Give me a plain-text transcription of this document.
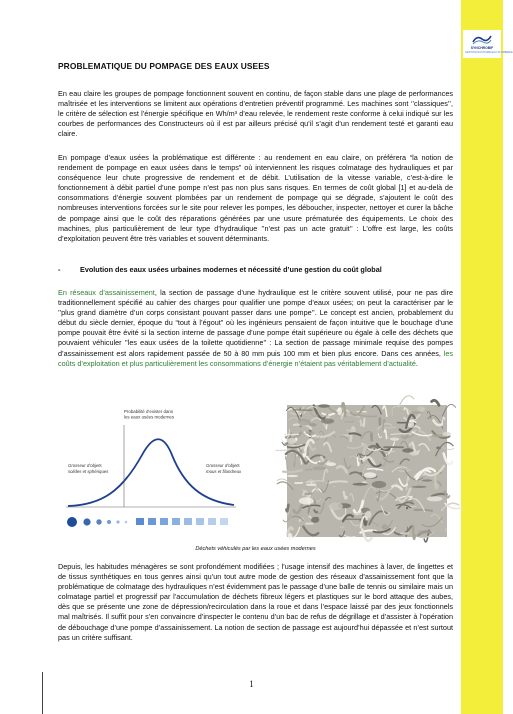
SYNCHROBIF
GESTION NAUTISME EAU PLOMBERIE
PROBLEMATIQUE DU POMPAGE DES EAUX USEES

En eau claire les groupes de pompage fonctionnent souvent en continu, de façon stable dans une plage de performances maîtrisée et les interventions se limitent aux opérations d’entretien préventif programmé. Les machines sont ‘’classiques’’, le critère de sélection est l’énergie spécifique en Wh/m³ d’eau relevée, le rendement reste conforme à celui indiqué sur les courbes de performances des Constructeurs où il est par ailleurs précisé qu’il s’agit d’un rendement testé et garanti eau claire.

En pompage d’eaux usées la problématique est différente : au rendement en eau claire, on préférera “la notion de rendement de pompage en eaux usées dans le temps” où interviennent les risques colmatage des hydrauliques et par conséquence leur chute progressive de rendement et de débit. L’utilisation de la vitesse variable, c’est-à-dire le fonctionnement à débit partiel d’une pompe n’est pas non plus sans risques. En termes de coût global [1] et au-delà de consommations d’énergie souvent plombées par un rendement de pompage qui se dégrade, s’ajoutent le coût des nombreuses interventions forcées sur le site pour relever les pompes, les déboucher, inspecter, nettoyer et curer la bâche de pompage ainsi que le coût des réparations générées par une usure prématurée des équipements. Le choix des machines, plus particulièrement de leur type d’hydraulique ’’n’est pas un acte gratuit’’ : L’offre est large, les coûts d’exploitation peuvent être très variables et souvent déterminants.

-	Evolution des eaux usées urbaines modernes et nécessité d’une gestion du coût global

En réseaux d’assainissement, la section de passage d’une hydraulique est le critère souvent utilisé, pour ne pas dire traditionnellement spécifié au cahier des charges pour qualifier une pompe d’eaux usées; on peut la caractériser par le ’’plus grand diamètre d’un corps consistant pouvant passer dans une pompe’’. Le concept est ancien, probablement du début du siècle dernier, époque du “tout à l’égout” où les ingénieurs pensaient de façon intuitive que le bouchage d’une pompe pouvait être évité si la section interne de passage d’une pompe était supérieure ou égale à celle des déchets que pouvaient véhiculer ’’les eaux usées de la toilette quotidienne’’ : La section de passage minimale requise des pompes d’assainissement est alors rapidement passée de 50 à 80 mm puis 100 mm et bien plus encore. Dans ces années, les coûts d’exploitation et plus particulièrement les consommations d’énergie n’étaient pas véritablement d’actualité.

Depuis, les habitudes ménagères se sont profondément modifiées ; l’usage intensif des machines à laver, de lingettes et de tissus synthétiques en tous genres ainsi qu’un tout autre mode de gestion des réseaux d’assainissement font que la problématique de colmatage des hydrauliques n’est évidemment pas le passage d’une balle de tennis ou similaire mais un colmatage partiel et progressif par l’accumulation de déchets fibreux légers et plastiques sur le bord attaque des aubes, dès que se présente une zone de dépression/recirculation dans la roue et dans l’espace laissé par des jeux fonctionnels mal maîtrisés. Il suffit pour s’en convaincre d’inspecter le contenu d’un bac de refus de dégrillage et d’assister à l’opération de débouchage d’une pompe d’assainissement. La notion de section de passage est aujourd’hui dépassée et n’est surtout pas un critère suffisant.

Probabilité d’exister dans les eaux usées modernes
Grosseur d’objets solides et sphériques
Grosseur d’objets mous et filandreux
Déchets véhiculés par les eaux usées modernes
1
